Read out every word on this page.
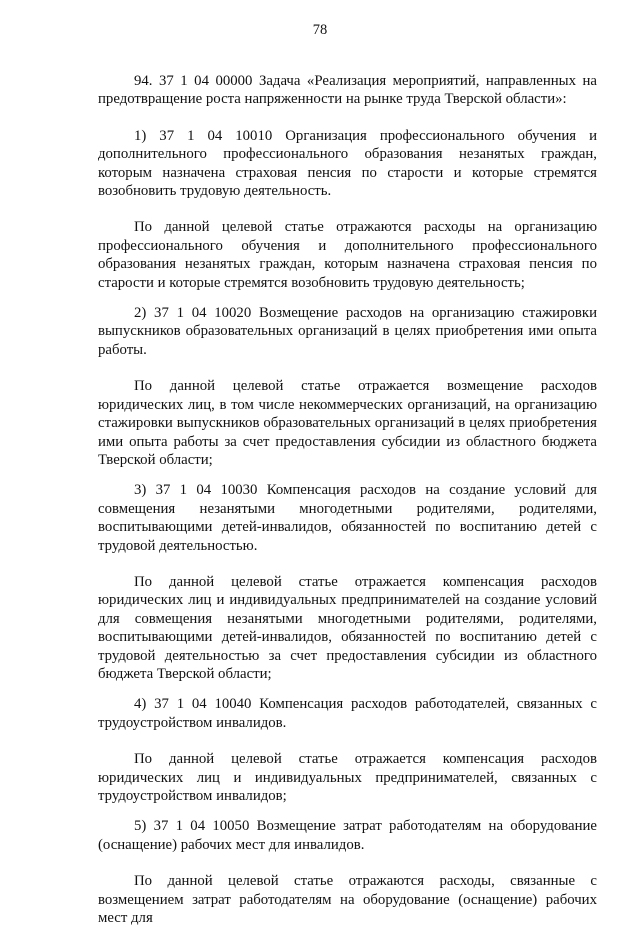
78

94. 37 1 04 00000 Задача «Реализация мероприятий, направленных на предотвращение роста напряженности на рынке труда Тверской области»:

1) 37 1 04 10010 Организация профессионального обучения и дополнительного профессионального образования незанятых граждан, которым назначена страховая пенсия по старости и которые стремятся возобновить трудовую деятельность.

По данной целевой статье отражаются расходы на организацию профессионального обучения и дополнительного профессионального образования незанятых граждан, которым назначена страховая пенсия по старости и которые стремятся возобновить трудовую деятельность;

2) 37 1 04 10020 Возмещение расходов на организацию стажировки выпускников образовательных организаций в целях приобретения ими опыта работы.

По данной целевой статье отражается возмещение расходов юридических лиц, в том числе некоммерческих организаций, на организацию стажировки выпускников образовательных организаций в целях приобретения ими опыта работы за счет предоставления субсидии из областного бюджета Тверской области;

3) 37 1 04 10030 Компенсация расходов на создание условий для совмещения незанятыми многодетными родителями, родителями, воспитывающими детей-инвалидов, обязанностей по воспитанию детей с трудовой деятельностью.

По данной целевой статье отражается компенсация расходов юридических лиц и индивидуальных предпринимателей на создание условий для совмещения незанятыми многодетными родителями, родителями, воспитывающими детей-инвалидов, обязанностей по воспитанию детей с трудовой деятельностью за счет предоставления субсидии из областного бюджета Тверской области;

4) 37 1 04 10040 Компенсация расходов работодателей, связанных с трудоустройством инвалидов.

По данной целевой статье отражается компенсация расходов юридических лиц и индивидуальных предпринимателей, связанных с трудоустройством инвалидов;

5) 37 1 04 10050 Возмещение затрат работодателям на оборудование (оснащение) рабочих мест для инвалидов.

По данной целевой статье отражаются расходы, связанные с возмещением затрат работодателям на оборудование (оснащение) рабочих мест для
